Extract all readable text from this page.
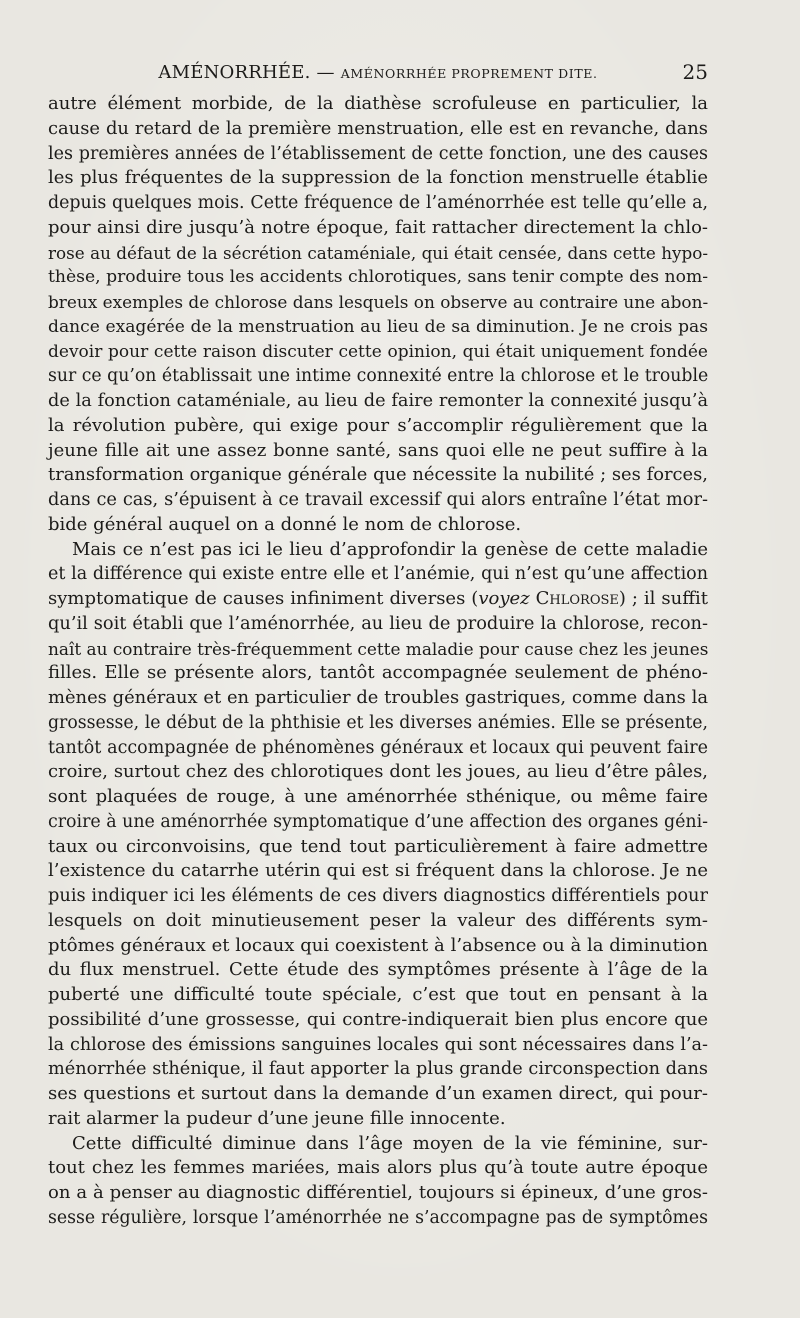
AMÉNORRHÉE. — AMÉNORRHÉE PROPREMENT DITE.	25
autre élément morbide, de la diathèse scrofuleuse en particulier, la
cause du retard de la première menstruation, elle est en revanche, dans
les premières années de l’établissement de cette fonction, une des causes
les plus fréquentes de la suppression de la fonction menstruelle établie
depuis quelques mois. Cette fréquence de l’aménorrhée est telle qu’elle a,
pour ainsi dire jusqu’à notre époque, fait rattacher directement la chlo-
rose au défaut de la sécrétion cataméniale, qui était censée, dans cette hypo-
thèse, produire tous les accidents chlorotiques, sans tenir compte des nom-
breux exemples de chlorose dans lesquels on observe au contraire une abon-
dance exagérée de la menstruation au lieu de sa diminution. Je ne crois pas
devoir pour cette raison discuter cette opinion, qui était uniquement fondée
sur ce qu’on établissait une intime connexité entre la chlorose et le trouble
de la fonction cataméniale, au lieu de faire remonter la connexité jusqu’à
la révolution pubère, qui exige pour s’accomplir régulièrement que la
jeune fille ait une assez bonne santé, sans quoi elle ne peut suffire à la
transformation organique générale que nécessite la nubilité ; ses forces,
dans ce cas, s’épuisent à ce travail excessif qui alors entraîne l’état mor-
bide général auquel on a donné le nom de chlorose.
Mais ce n’est pas ici le lieu d’approfondir la genèse de cette maladie
et la différence qui existe entre elle et l’anémie, qui n’est qu’une affection
symptomatique de causes infiniment diverses (voyez Chlorose) ; il suffit
qu’il soit établi que l’aménorrhée, au lieu de produire la chlorose, recon-
naît au contraire très-fréquemment cette maladie pour cause chez les jeunes
filles. Elle se présente alors, tantôt accompagnée seulement de phéno-
mènes généraux et en particulier de troubles gastriques, comme dans la
grossesse, le début de la phthisie et les diverses anémies. Elle se présente,
tantôt accompagnée de phénomènes généraux et locaux qui peuvent faire
croire, surtout chez des chlorotiques dont les joues, au lieu d’être pâles,
sont plaquées de rouge, à une aménorrhée sthénique, ou même faire
croire à une aménorrhée symptomatique d’une affection des organes géni-
taux ou circonvoisins, que tend tout particulièrement à faire admettre
l’existence du catarrhe utérin qui est si fréquent dans la chlorose. Je ne
puis indiquer ici les éléments de ces divers diagnostics différentiels pour
lesquels on doit minutieusement peser la valeur des différents sym-
ptômes généraux et locaux qui coexistent à l’absence ou à la diminution
du flux menstruel. Cette étude des symptômes présente à l’âge de la
puberté une difficulté toute spéciale, c’est que tout en pensant à la
possibilité d’une grossesse, qui contre-indiquerait bien plus encore que
la chlorose des émissions sanguines locales qui sont nécessaires dans l’a-
ménorrhée sthénique, il faut apporter la plus grande circonspection dans
ses questions et surtout dans la demande d’un examen direct, qui pour-
rait alarmer la pudeur d’une jeune fille innocente.
Cette difficulté diminue dans l’âge moyen de la vie féminine, sur-
tout chez les femmes mariées, mais alors plus qu’à toute autre époque
on a à penser au diagnostic différentiel, toujours si épineux, d’une gros-
sesse régulière, lorsque l’aménorrhée ne s’accompagne pas de symptômes
